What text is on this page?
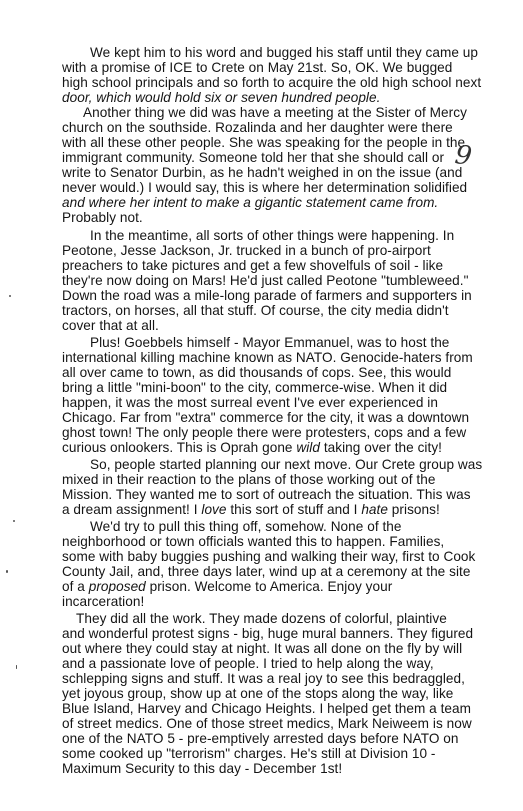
We kept him to his word and bugged his staff until they came up
with a promise of ICE to Crete on May 21st. So, OK. We bugged
high school principals and so forth to acquire the old high school next
door, which would hold six or seven hundred people.
Another thing we did was have a meeting at the Sister of Mercy
church on the southside. Rozalinda and her daughter were there
with all these other people. She was speaking for the people in the
immigrant community. Someone told her that she should call or
write to Senator Durbin, as he hadn't weighed in on the issue (and
never would.) I would say, this is where her determination solidified
and where her intent to make a gigantic statement came from.
Probably not.
In the meantime, all sorts of other things were happening. In
Peotone, Jesse Jackson, Jr. trucked in a bunch of pro-airport
preachers to take pictures and get a few shovelfuls of soil - like
they're now doing on Mars! He'd just called Peotone "tumbleweed."
Down the road was a mile-long parade of farmers and supporters in
tractors, on horses, all that stuff. Of course, the city media didn't
cover that at all.
Plus! Goebbels himself - Mayor Emmanuel, was to host the
international killing machine known as NATO. Genocide-haters from
all over came to town, as did thousands of cops. See, this would
bring a little "mini-boon" to the city, commerce-wise. When it did
happen, it was the most surreal event I've ever experienced in
Chicago. Far from "extra" commerce for the city, it was a downtown
ghost town! The only people there were protesters, cops and a few
curious onlookers. This is Oprah gone wild taking over the city!
So, people started planning our next move. Our Crete group was
mixed in their reaction to the plans of those working out of the
Mission. They wanted me to sort of outreach the situation. This was
a dream assignment! I love this sort of stuff and I hate prisons!
We'd try to pull this thing off, somehow. None of the
neighborhood or town officials wanted this to happen. Families,
some with baby buggies pushing and walking their way, first to Cook
County Jail, and, three days later, wind up at a ceremony at the site
of a proposed prison. Welcome to America. Enjoy your
incarceration!
They did all the work. They made dozens of colorful, plaintive
and wonderful protest signs - big, huge mural banners. They figured
out where they could stay at night. It was all done on the fly by will
and a passionate love of people. I tried to help along the way,
schlepping signs and stuff. It was a real joy to see this bedraggled,
yet joyous group, show up at one of the stops along the way, like
Blue Island, Harvey and Chicago Heights. I helped get them a team
of street medics. One of those street medics, Mark Neiweem is now
one of the NATO 5 - pre-emptively arrested days before NATO on
some cooked up "terrorism" charges. He's still at Division 10 -
Maximum Security to this day - December 1st!
9
